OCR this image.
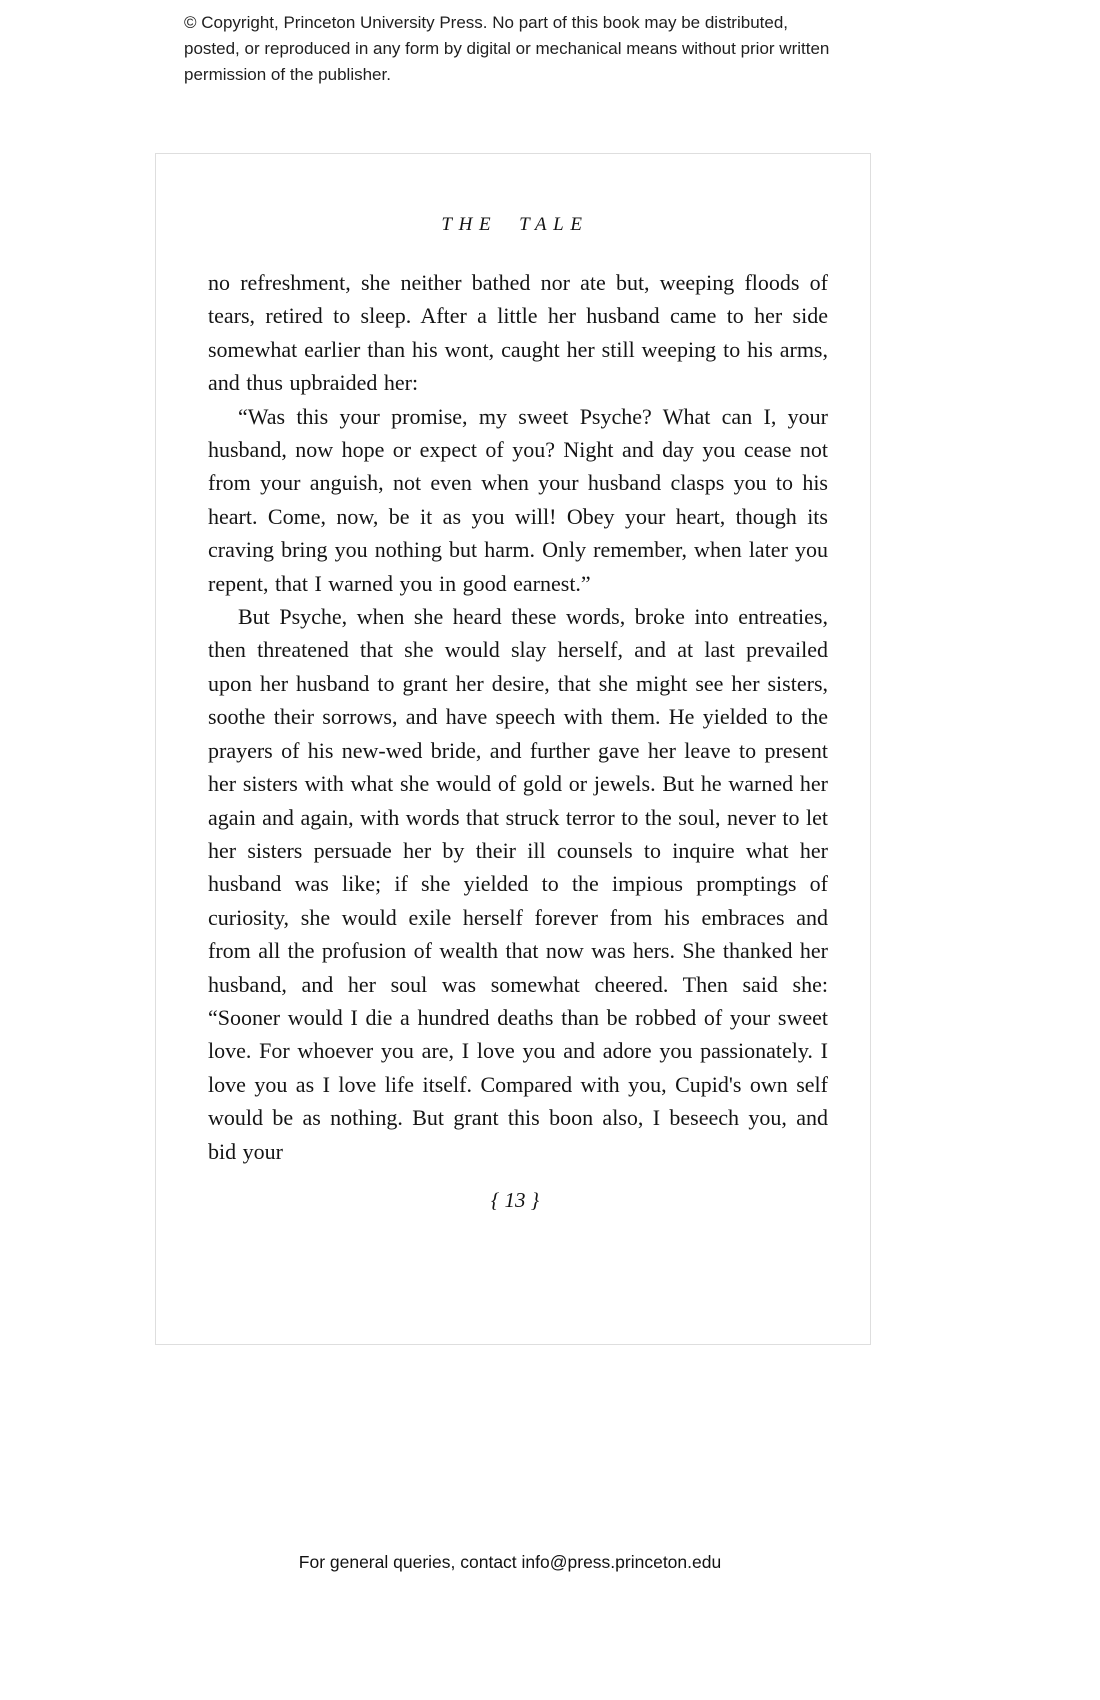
© Copyright, Princeton University Press. No part of this book may be distributed, posted, or reproduced in any form by digital or mechanical means without prior written permission of the publisher.
THE TALE

no refreshment, she neither bathed nor ate but, weeping floods of tears, retired to sleep. After a little her husband came to her side somewhat earlier than his wont, caught her still weeping to his arms, and thus upbraided her:

“Was this your promise, my sweet Psyche? What can I, your husband, now hope or expect of you? Night and day you cease not from your anguish, not even when your husband clasps you to his heart. Come, now, be it as you will! Obey your heart, though its craving bring you nothing but harm. Only remember, when later you repent, that I warned you in good earnest.”

But Psyche, when she heard these words, broke into entreaties, then threatened that she would slay herself, and at last prevailed upon her husband to grant her desire, that she might see her sisters, soothe their sorrows, and have speech with them. He yielded to the prayers of his new-wed bride, and further gave her leave to present her sisters with what she would of gold or jewels. But he warned her again and again, with words that struck terror to the soul, never to let her sisters persuade her by their ill counsels to inquire what her husband was like; if she yielded to the impious promptings of curiosity, she would exile herself forever from his embraces and from all the profusion of wealth that now was hers. She thanked her husband, and her soul was somewhat cheered. Then said she: “Sooner would I die a hundred deaths than be robbed of your sweet love. For whoever you are, I love you and adore you passionately. I love you as I love life itself. Compared with you, Cupid's own self would be as nothing. But grant this boon also, I beseech you, and bid your

{ 13 }
For general queries, contact info@press.princeton.edu
